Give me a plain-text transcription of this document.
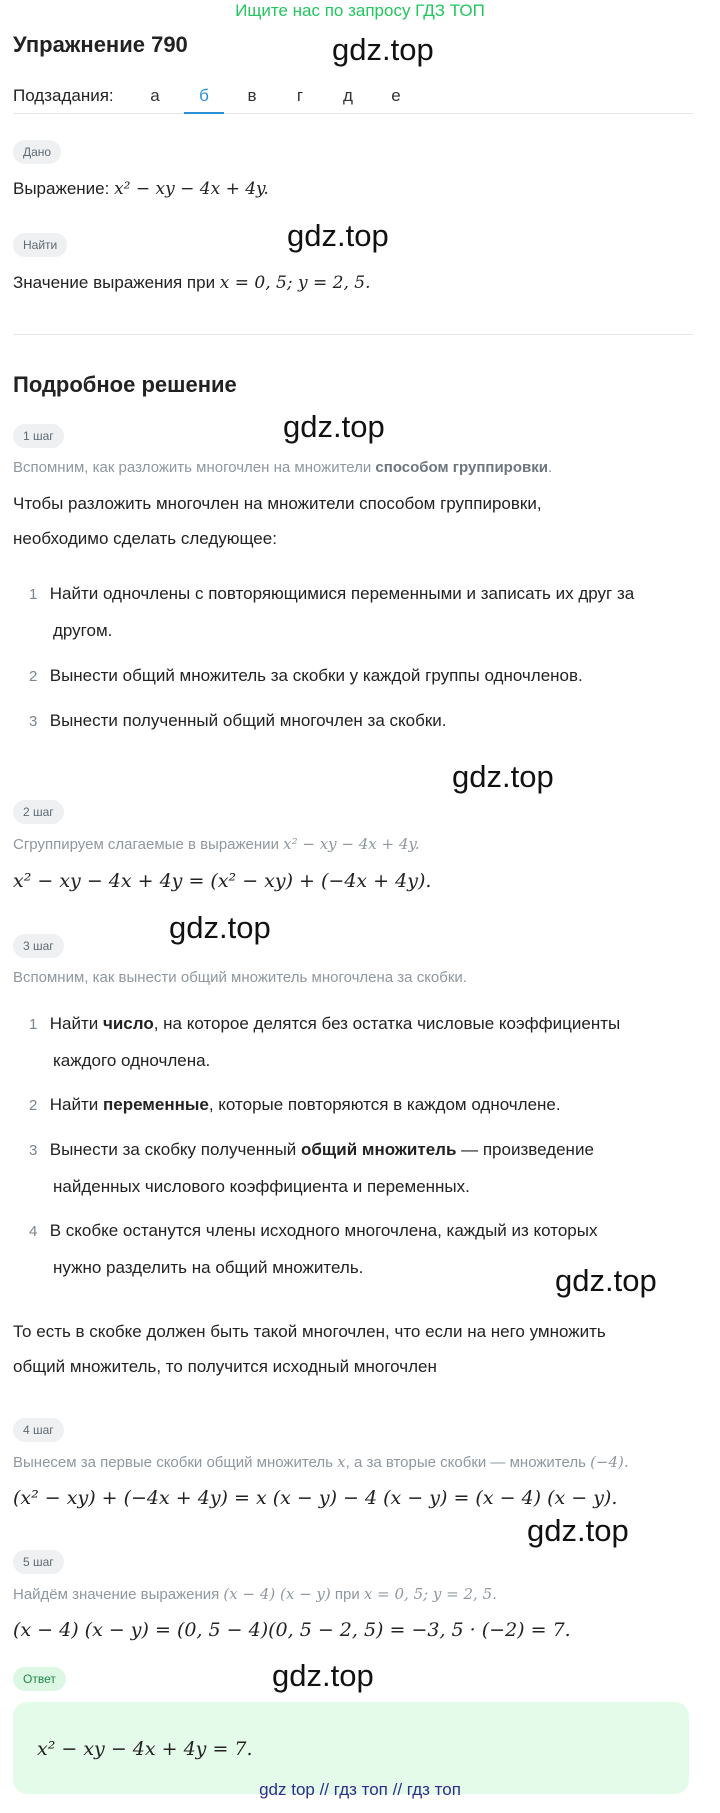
Ищите нас по запросу ГДЗ ТОП
Упражнение 790
Подзадания:	а	б	в	г	д	е
Дано
Выражение: x² − xy − 4x + 4y.
Найти
Значение выражения при x = 0, 5; y = 2, 5.
Подробное решение
1 шаг
Вспомним, как разложить многочлен на множители способом группировки.
Чтобы разложить многочлен на множители способом группировки,
необходимо сделать следующее:
1 Найти одночлены с повторяющимися переменными и записать их друг за
другом.
2 Вынести общий множитель за скобки у каждой группы одночленов.
3 Вынести полученный общий многочлен за скобки.
2 шаг
Сгруппируем слагаемые в выражении x² − xy − 4x + 4y.
x² − xy − 4x + 4y = (x² − xy) + (−4x + 4y).
3 шаг
Вспомним, как вынести общий множитель многочлена за скобки.
1 Найти число, на которое делятся без остатка числовые коэффициенты
каждого одночлена.
2 Найти переменные, которые повторяются в каждом одночлене.
3 Вынести за скобку полученный общий множитель — произведение
найденных числового коэффициента и переменных.
4 В скобке останутся члены исходного многочлена, каждый из которых
нужно разделить на общий множитель.
То есть в скобке должен быть такой многочлен, что если на него умножить
общий множитель, то получится исходный многочлен
4 шаг
Вынесем за первые скобки общий множитель x, а за вторые скобки — множитель (−4).
(x² − xy) + (−4x + 4y) = x (x − y) − 4 (x − y) = (x − 4) (x − y).
5 шаг
Найдём значение выражения (x − 4) (x − y) при x = 0, 5; y = 2, 5.
(x − 4) (x − y) = (0, 5 − 4)(0, 5 − 2, 5) = −3, 5 · (−2) = 7.
Ответ
x² − xy − 4x + 4y = 7.
gdz.top
gdz.top
gdz.top
gdz.top
gdz.top
gdz.top
gdz.top
gdz.top
gdz top // гдз топ // гдз топ
